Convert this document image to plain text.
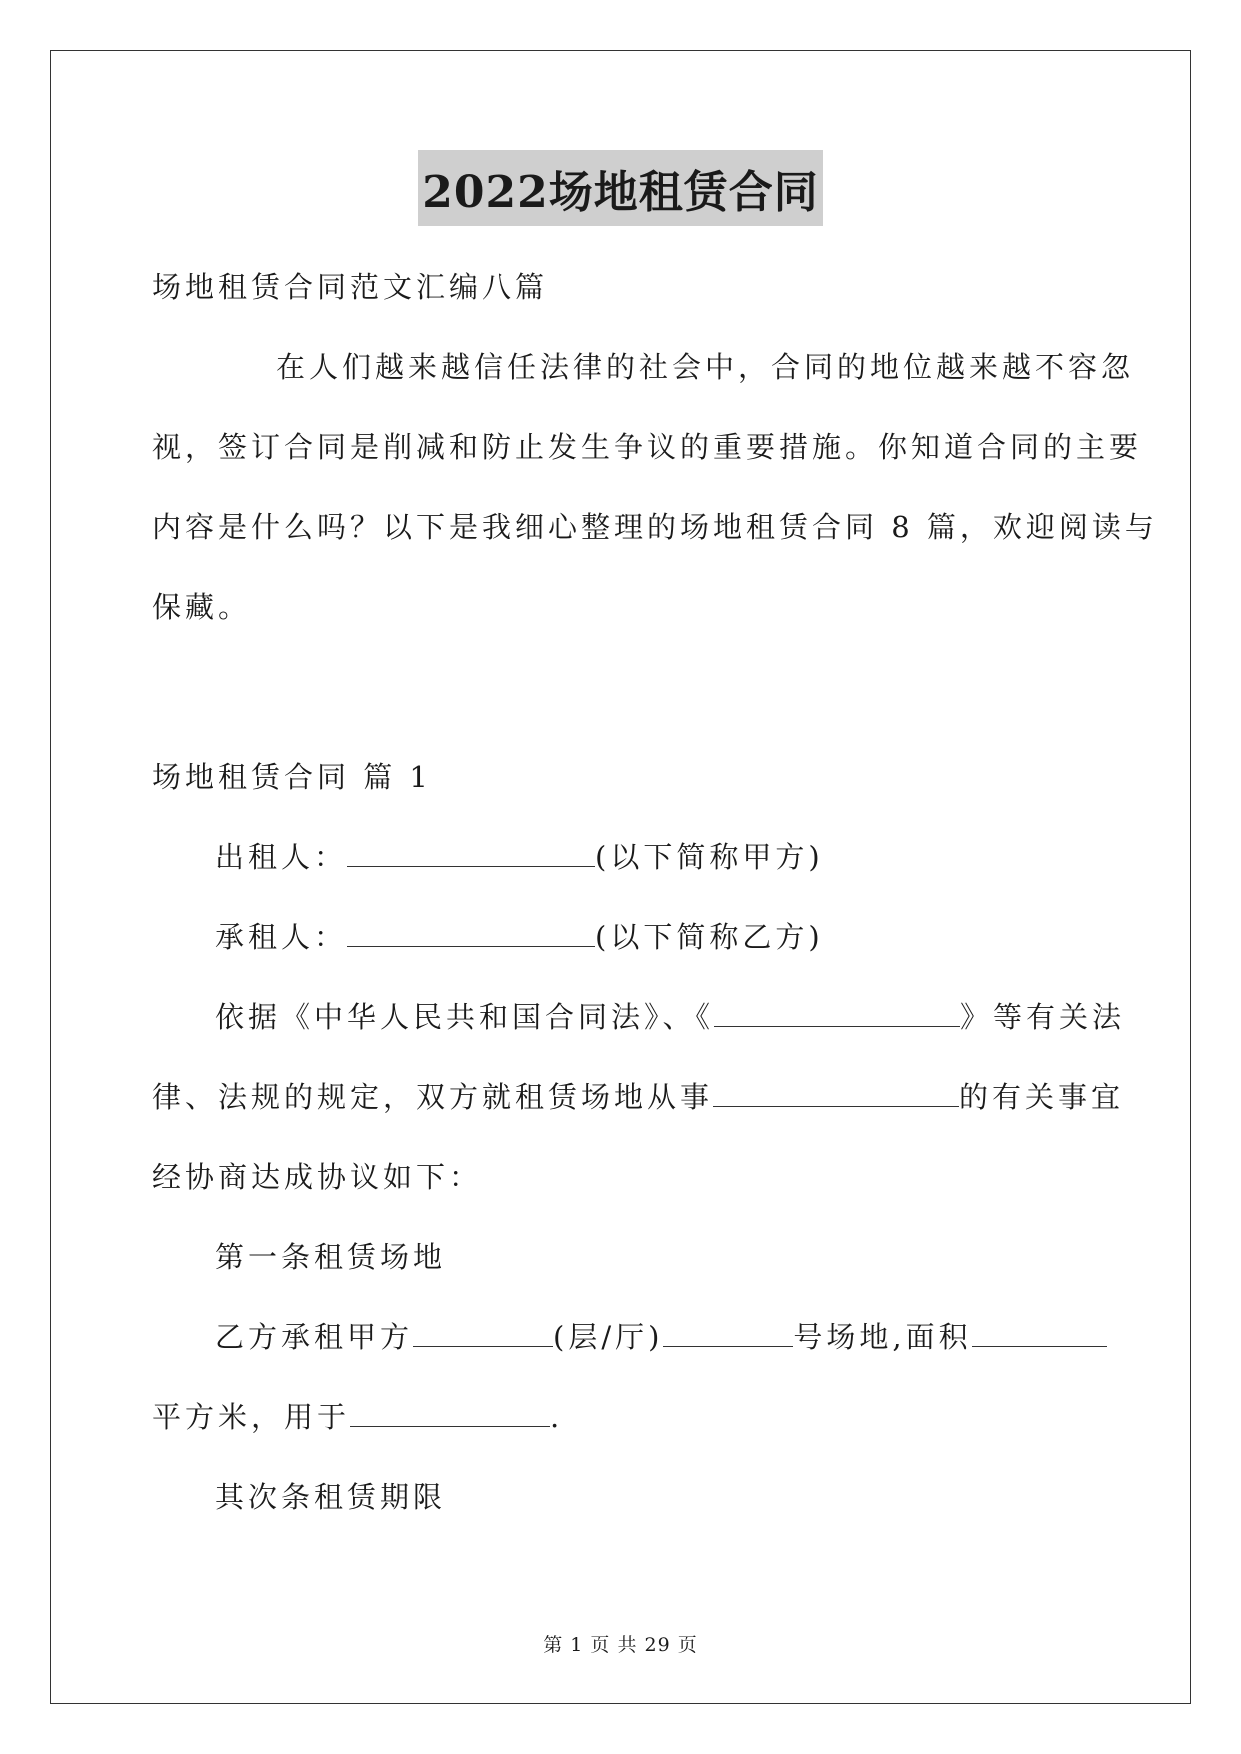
2022场地租赁合同
场地租赁合同范文汇编八篇
在人们越来越信任法律的社会中，合同的地位越来越不容忽
视，签订合同是削减和防止发生争议的重要措施。你知道合同的主要
内容是什么吗？以下是我细心整理的场地租赁合同 8 篇，欢迎阅读与
保藏。
场地租赁合同 篇 1
出租人：	(以下简称甲方)
承租人：	(以下简称乙方)
依据《中华人民共和国合同法》、《	》等有关法
律、法规的规定，双方就租赁场地从事	的有关事宜
经协商达成协议如下：
第一条租赁场地
乙方承租甲方	(层/厅)	号场地,面积
平方米，用于	.
其次条租赁期限
第 1 页 共 29 页
